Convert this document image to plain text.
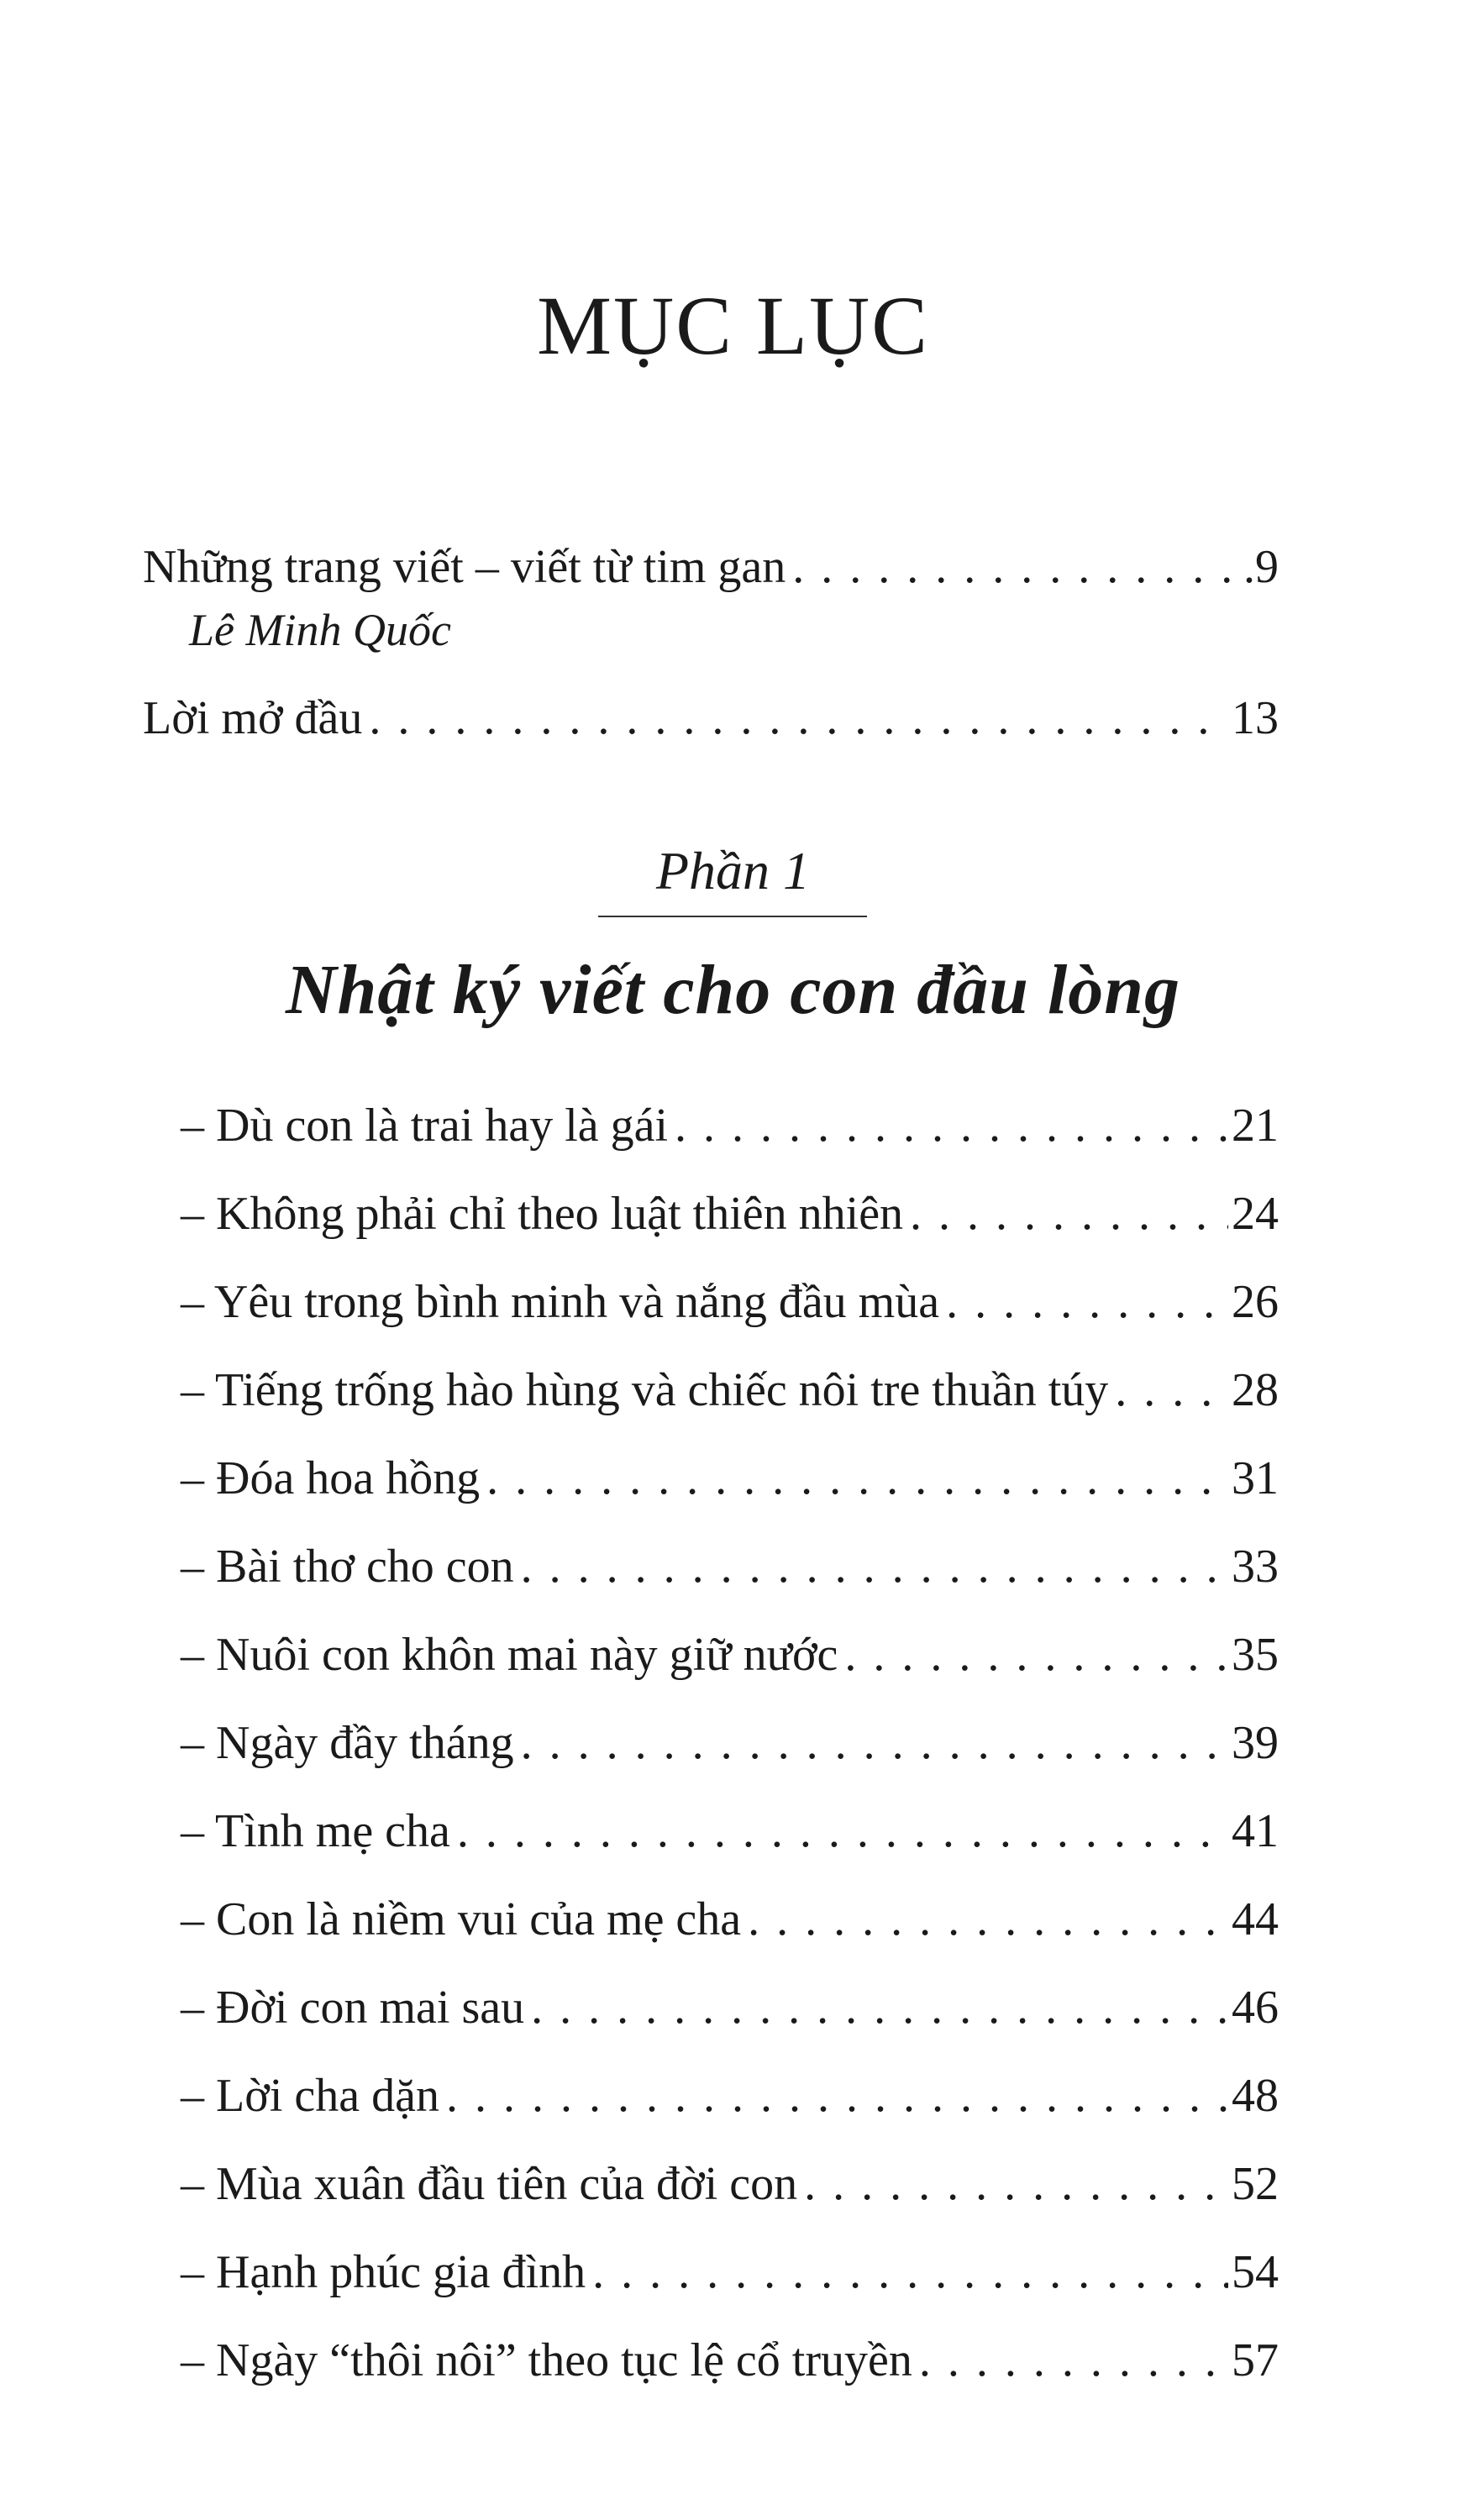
MỤC LỤC
Những trang viết – viết từ tim gan . . .	.9
Lê Minh Quốc
Lời mở đầu . . .	13
Phần 1
Nhật ký viết cho con đầu lòng
– Dù con là trai hay là gái . . .	21
– Không phải chỉ theo luật thiên nhiên . . .	24
– Yêu trong bình minh và nắng đầu mùa . . .	26
– Tiếng trống hào hùng và chiếc nôi tre thuần túy . . .	28
– Đóa hoa hồng . . .	31
– Bài thơ cho con . . .	33
– Nuôi con khôn mai này giữ nước . . .	35
– Ngày đầy tháng . . .	39
– Tình mẹ cha . . .	41
– Con là niềm vui của mẹ cha . . .	44
– Đời con mai sau . . .	46
– Lời cha dặn . . .	48
– Mùa xuân đầu tiên của đời con . . .	52
– Hạnh phúc gia đình . . .	54
– Ngày “thôi nôi” theo tục lệ cổ truyền . . .	57
